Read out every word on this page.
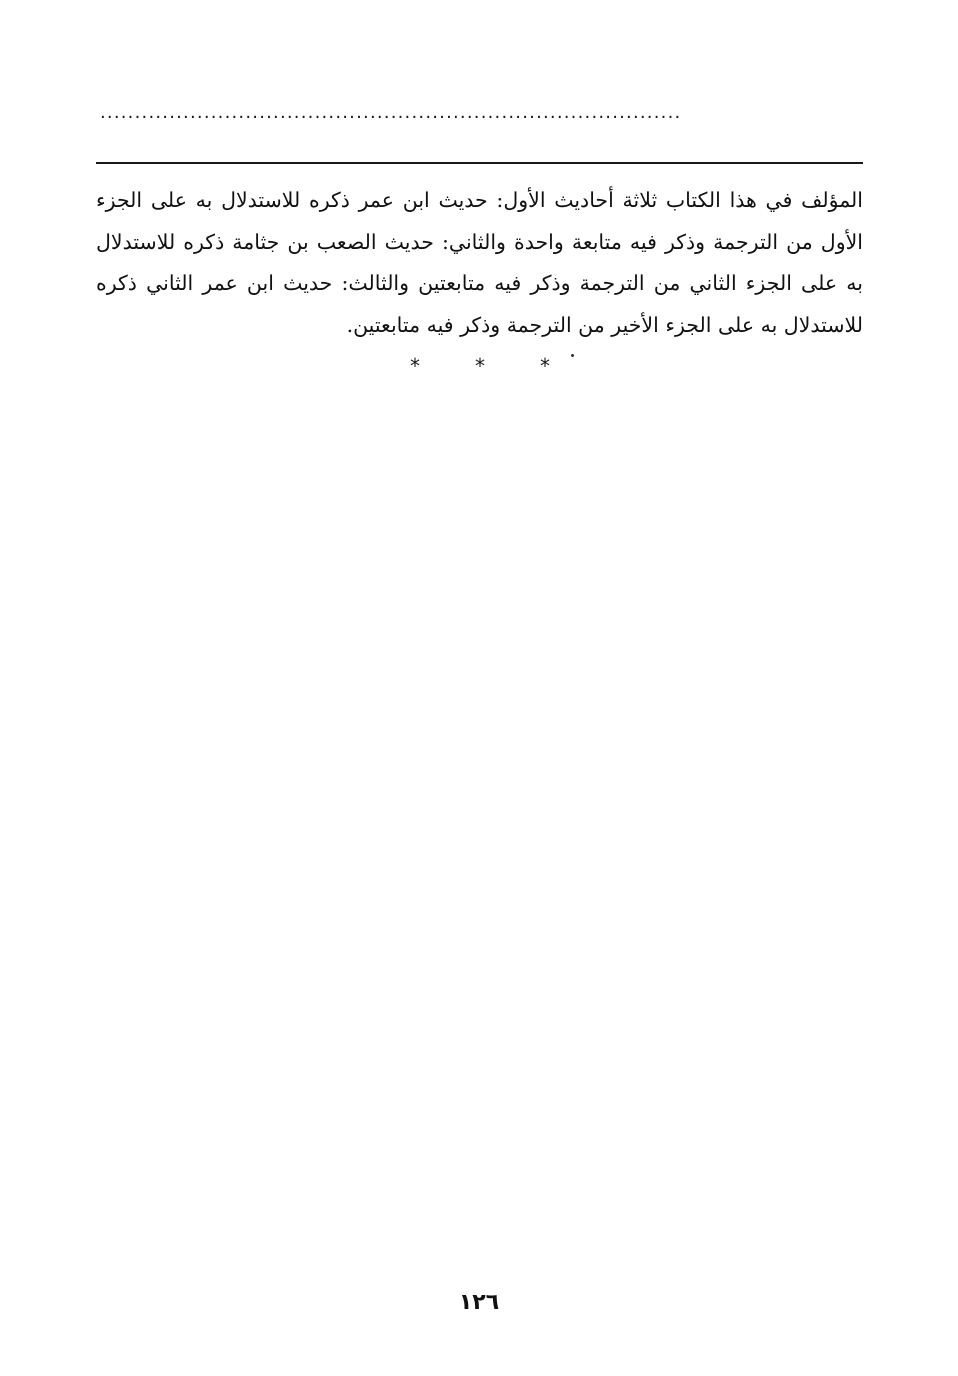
....................................................................................

المؤلف في هذا الكتاب ثلاثة أحاديث الأول: حديث ابن عمر ذكره للاستدلال به على الجزء الأول من الترجمة وذكر فيه متابعة واحدة والثاني: حديث الصعب بن جثامة ذكره للاستدلال به على الجزء الثاني من الترجمة وذكر فيه متابعتين والثالث: حديث ابن عمر الثاني ذكره للاستدلال به على الجزء الأخير من الترجمة وذكر فيه متابعتين.

*	*	*
١٢٦
